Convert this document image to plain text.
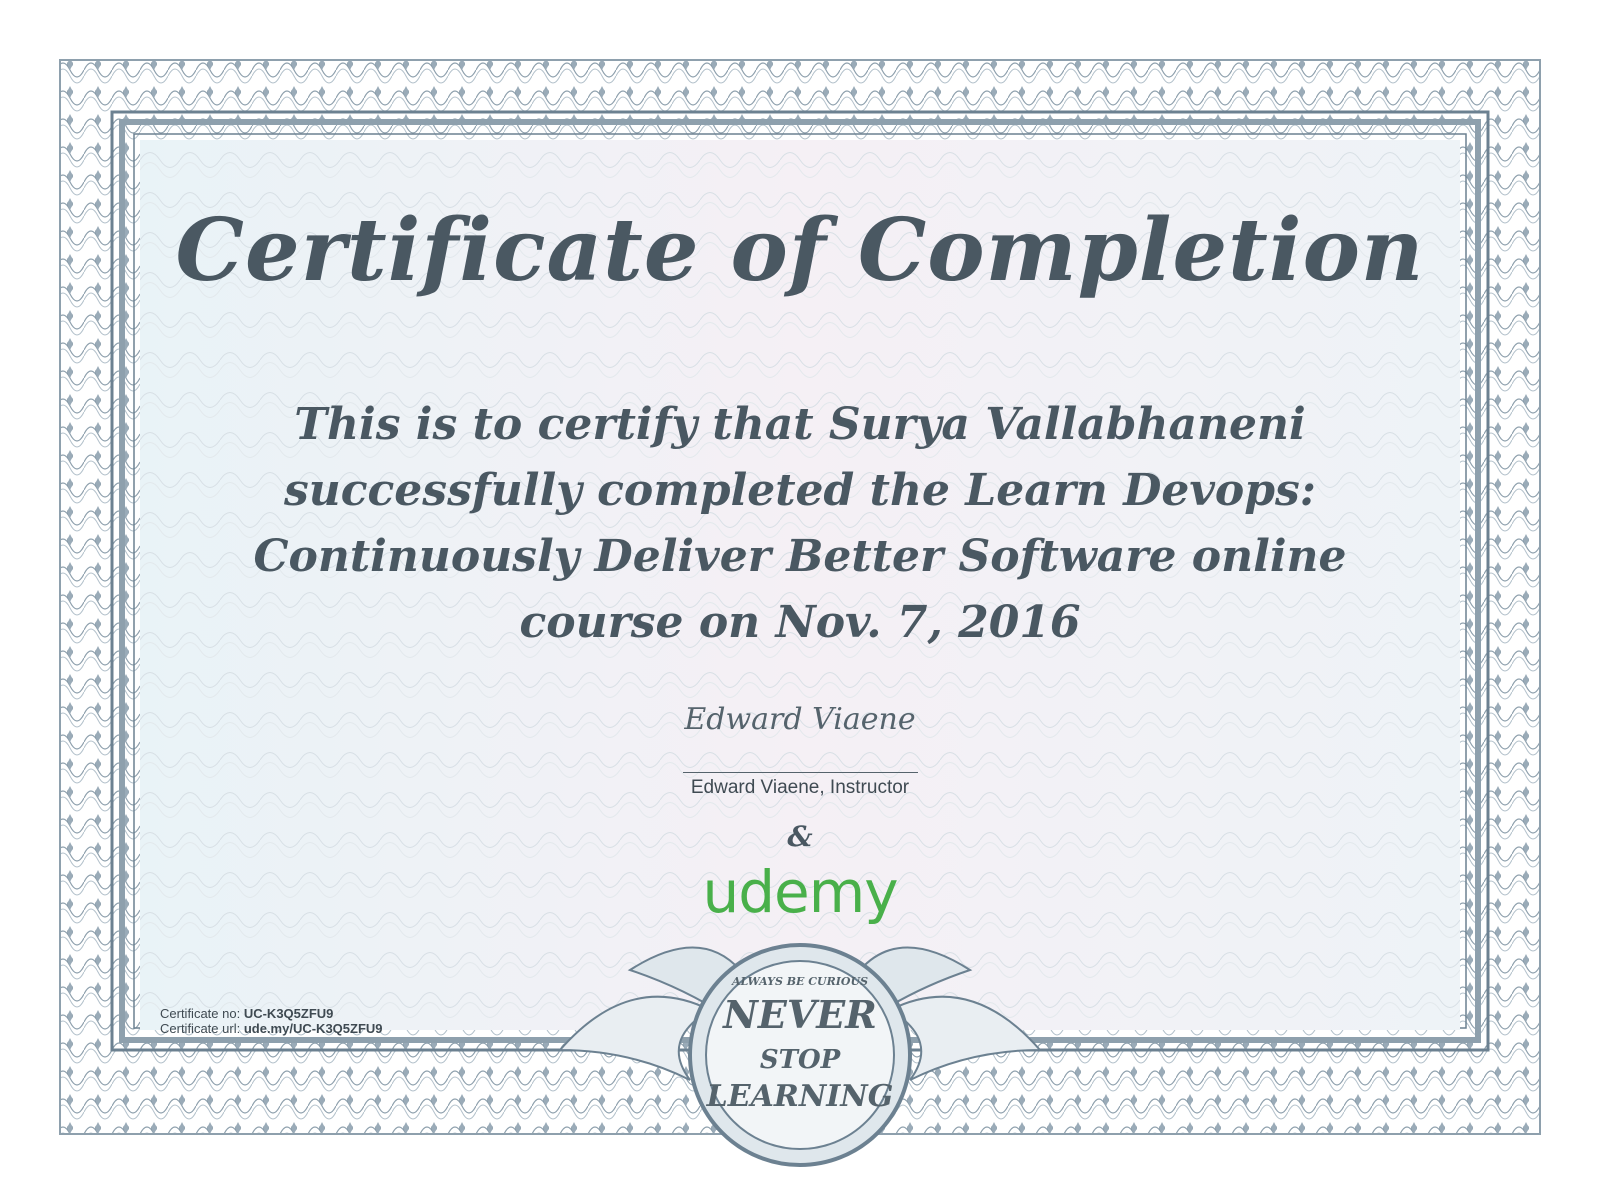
Certificate of Completion
This is to certify that Surya Vallabhaneni
successfully completed the Learn Devops:
Continuously Deliver Better Software online
course on Nov. 7, 2016
Edward Viaene
Edward Viaene, Instructor
&
udemy
Certificate no: UC-K3Q5ZFU9
Certificate url: ude.my/UC-K3Q5ZFU9
ALWAYS BE CURIOUS
NEVER
STOP
LEARNING
